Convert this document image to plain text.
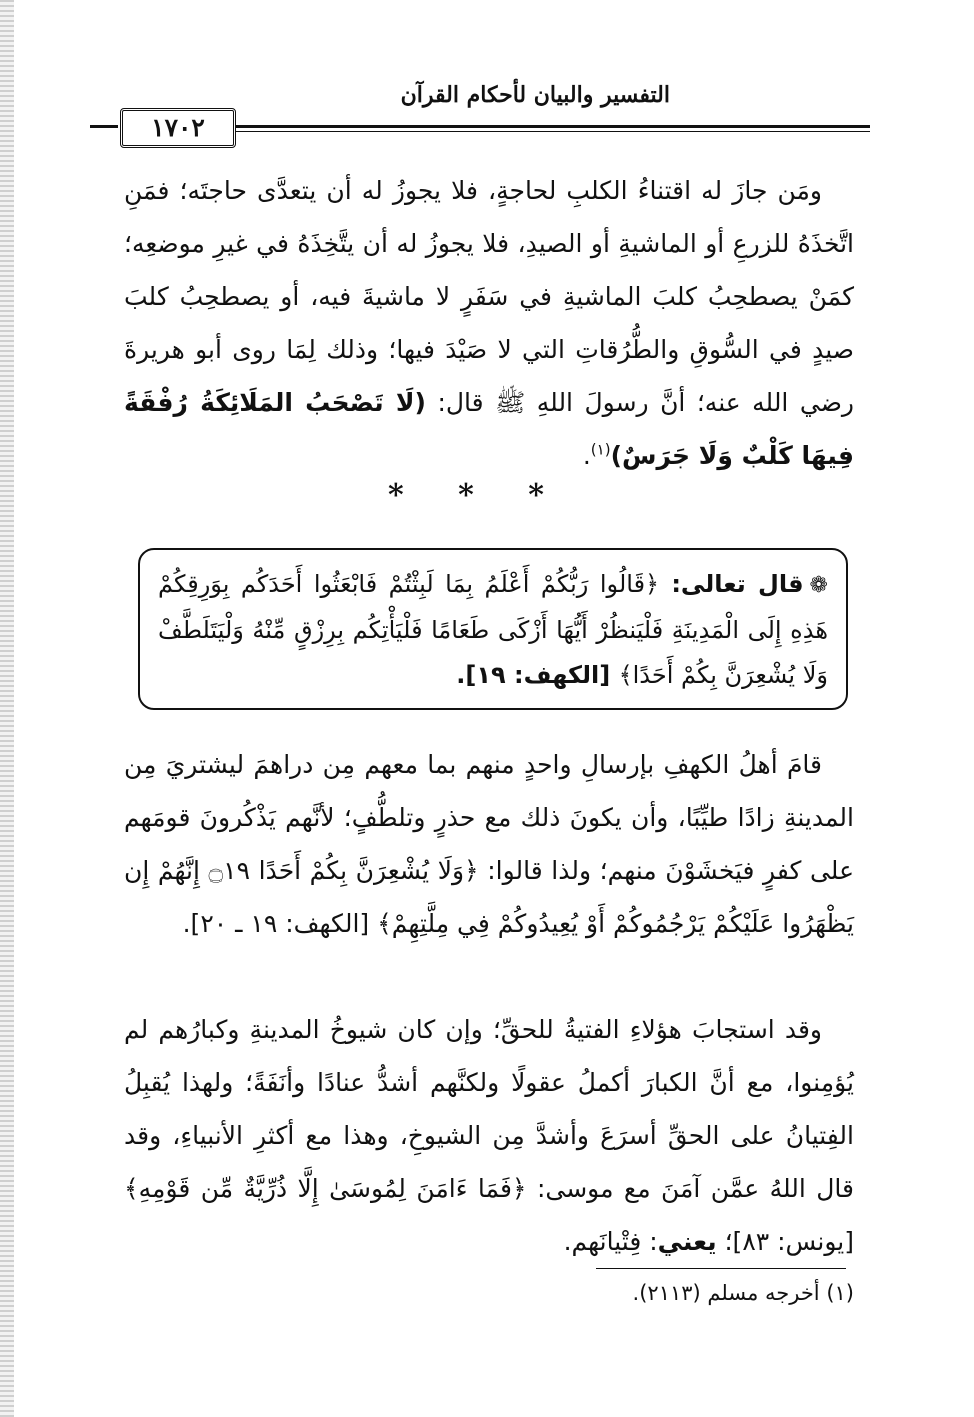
التفسير والبيان لأحكام القرآن
١٧٠٢

ومَن جازَ له اقتناءُ الكلبِ لحاجةٍ، فلا يجوزُ له أن يتعدَّى حاجتَه؛ فمَنِ اتَّخذَهُ للزرعِ أو الماشيةِ أو الصيدِ، فلا يجوزُ له أن يتَّخِذَهُ في غيرِ موضعِه؛ كمَنْ يصطحِبُ كلبَ الماشيةِ في سَفَرٍ لا ماشيةَ فيه، أو يصطحِبُ كلبَ صيدٍ في السُّوقِ والطُّرُقاتِ التي لا صَيْدَ فيها؛ وذلك لِمَا روى أبو هريرةَ رضي الله عنه؛ أنَّ رسولَ اللهِ ﷺ قال: (لَا تَصْحَبُ المَلَائِكَةُ رُفْقَةً فِيهَا كَلْبٌ وَلَا جَرَسٌ)$^{(١)}$.

* * *
❁قال تعالى: ﴿قَالُوا رَبُّكُمْ أَعْلَمُ بِمَا لَبِثْتُمْ فَابْعَثُوا أَحَدَكُم بِوَرِقِكُمْ هَذِهِ إِلَى الْمَدِينَةِ فَلْيَنظُرْ أَيُّهَا أَزْكَى طَعَامًا فَلْيَأْتِكُم بِرِزْقٍ مِّنْهُ وَلْيَتَلَطَّفْ وَلَا يُشْعِرَنَّ بِكُمْ أَحَدًا﴾ [الكهف: ١٩].

قامَ أهلُ الكهفِ بإرسالِ واحدٍ منهم بما معهم مِن دراهمَ ليشتريَ مِن المدينةِ زادًا طيِّبًا، وأن يكونَ ذلك مع حذرٍ وتلطُّفٍ؛ لأنَّهم يَذْكُرونَ قومَهم على كفرٍ فيَخشَوْنَ منهم؛ ولذا قالوا: ﴿وَلَا يُشْعِرَنَّ بِكُمْ أَحَدًا ۝١٩ إِنَّهُمْ إِن يَظْهَرُوا عَلَيْكُمْ يَرْجُمُوكُمْ أَوْ يُعِيدُوكُمْ فِي مِلَّتِهِمْ﴾ [الكهف: ١٩ ـ ٢٠].

وقد استجابَ هؤلاءِ الفتيةُ للحقِّ؛ وإن كان شيوخُ المدينةِ وكبارُهم لم يُؤمِنوا، مع أنَّ الكبارَ أكملُ عقولًا ولكنَّهم أشدُّ عنادًا وأنَفَةً؛ ولهذا يُقبِلُ الفِتيانُ على الحقِّ أسرَعَ وأشدَّ مِن الشيوخِ، وهذا مع أكثرِ الأنبياءِ، وقد قال اللهُ عمَّن آمَنَ مع موسى: ﴿فَمَا ءَامَنَ لِمُوسَىٰ إِلَّا ذُرِّيَّةٌ مِّن قَوْمِهِ﴾ [يونس: ٨٣]؛ يعني: فِتْيانَهم.

(١) أخرجه مسلم (٢١١٣).
